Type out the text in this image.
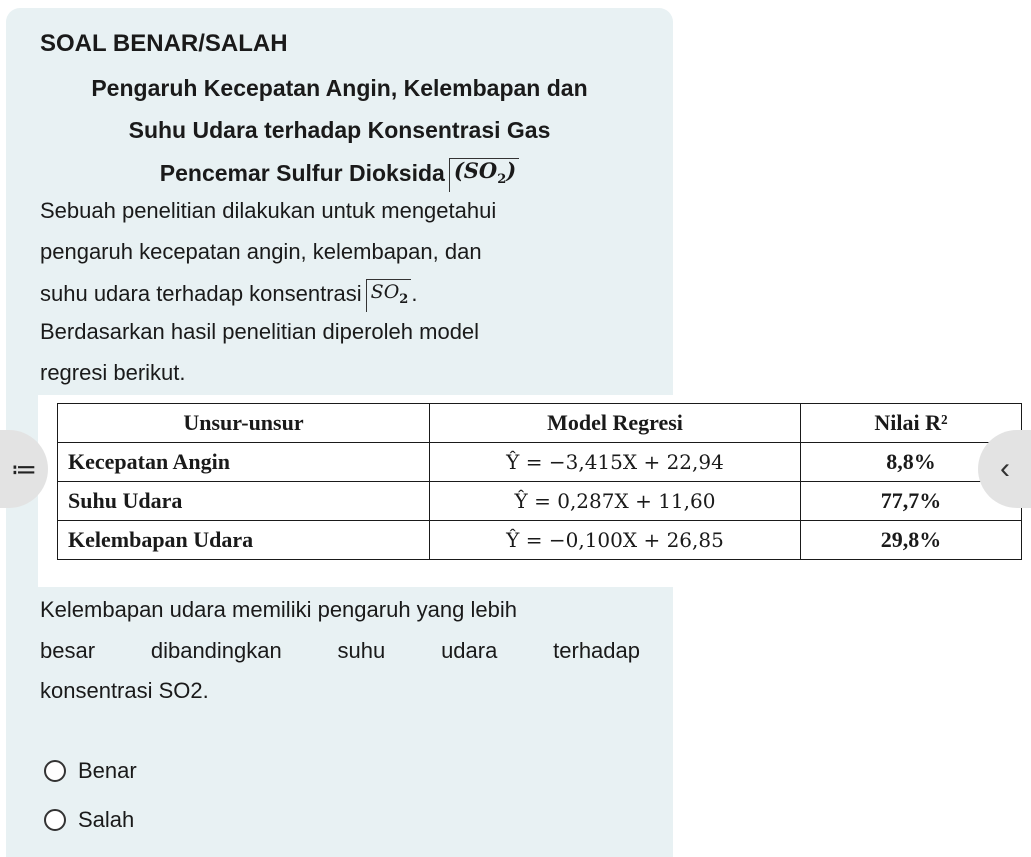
SOAL BENAR/SALAH
Pengaruh Kecepatan Angin, Kelembapan dan
Suhu Udara terhadap Konsentrasi Gas
Pencemar Sulfur Dioksida $(SO_2)$
Sebuah penelitian dilakukan untuk mengetahui
pengaruh kecepatan angin, kelembapan, dan
suhu udara terhadap konsentrasi $SO_2$ .
Berdasarkan hasil penelitian diperoleh model
regresi berikut.
Unsur-unsur	Model Regresi	Nilai R²
Kecepatan Angin	Ŷ = −3,415X + 22,94	8,8%
Suhu Udara	Ŷ = 0,287X + 11,60	77,7%
Kelembapan Udara	Ŷ = −0,100X + 26,85	29,8%
≔	‹
Kelembapan udara memiliki pengaruh yang lebih
besar dibandingkan suhu udara terhadap
konsentrasi SO2.
Benar
Salah
